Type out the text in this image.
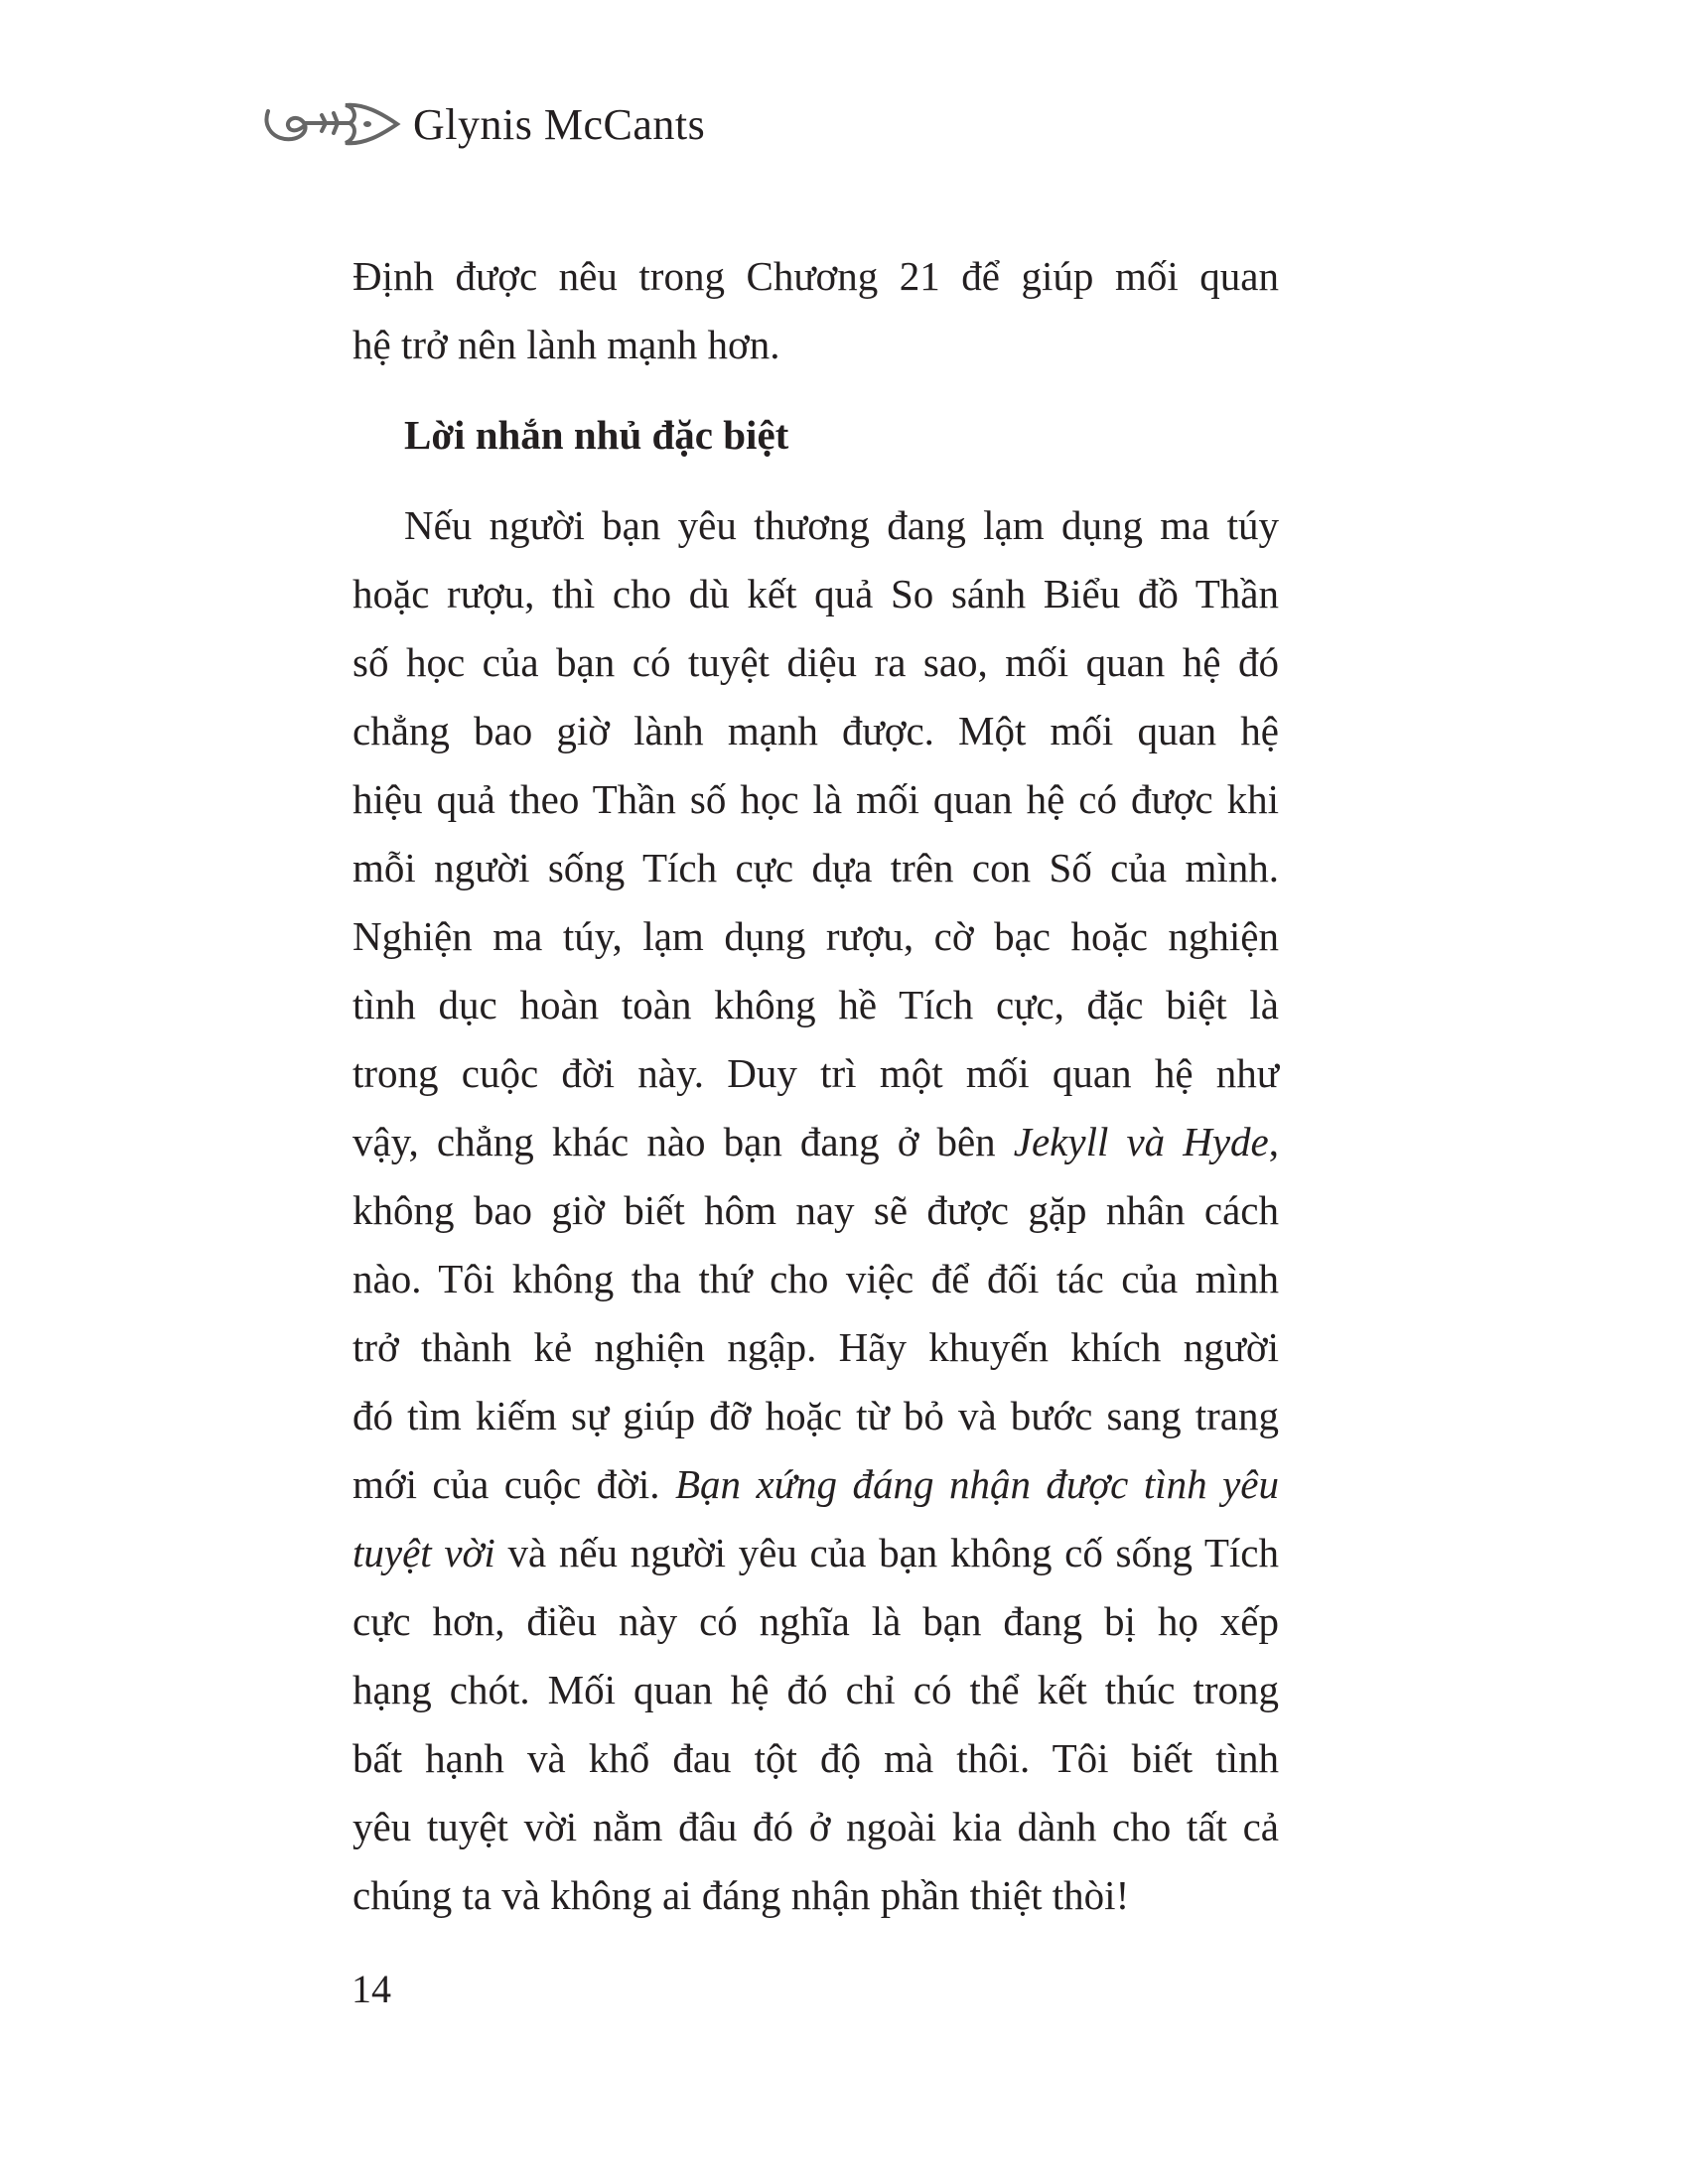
Glynis McCants
Định được nêu trong Chương 21 để giúp mối quan
hệ trở nên lành mạnh hơn.
Lời nhắn nhủ đặc biệt
Nếu người bạn yêu thương đang lạm dụng ma túy
hoặc rượu, thì cho dù kết quả So sánh Biểu đồ Thần
số học của bạn có tuyệt diệu ra sao, mối quan hệ đó
chẳng bao giờ lành mạnh được. Một mối quan hệ
hiệu quả theo Thần số học là mối quan hệ có được khi
mỗi người sống Tích cực dựa trên con Số của mình.
Nghiện ma túy, lạm dụng rượu, cờ bạc hoặc nghiện
tình dục hoàn toàn không hề Tích cực, đặc biệt là
trong cuộc đời này. Duy trì một mối quan hệ như
vậy, chẳng khác nào bạn đang ở bên Jekyll và Hyde,
không bao giờ biết hôm nay sẽ được gặp nhân cách
nào. Tôi không tha thứ cho việc để đối tác của mình
trở thành kẻ nghiện ngập. Hãy khuyến khích người
đó tìm kiếm sự giúp đỡ hoặc từ bỏ và bước sang trang
mới của cuộc đời. Bạn xứng đáng nhận được tình yêu
tuyệt vời và nếu người yêu của bạn không cố sống Tích
cực hơn, điều này có nghĩa là bạn đang bị họ xếp
hạng chót. Mối quan hệ đó chỉ có thể kết thúc trong
bất hạnh và khổ đau tột độ mà thôi. Tôi biết tình
yêu tuyệt vời nằm đâu đó ở ngoài kia dành cho tất cả
chúng ta và không ai đáng nhận phần thiệt thòi!
14
